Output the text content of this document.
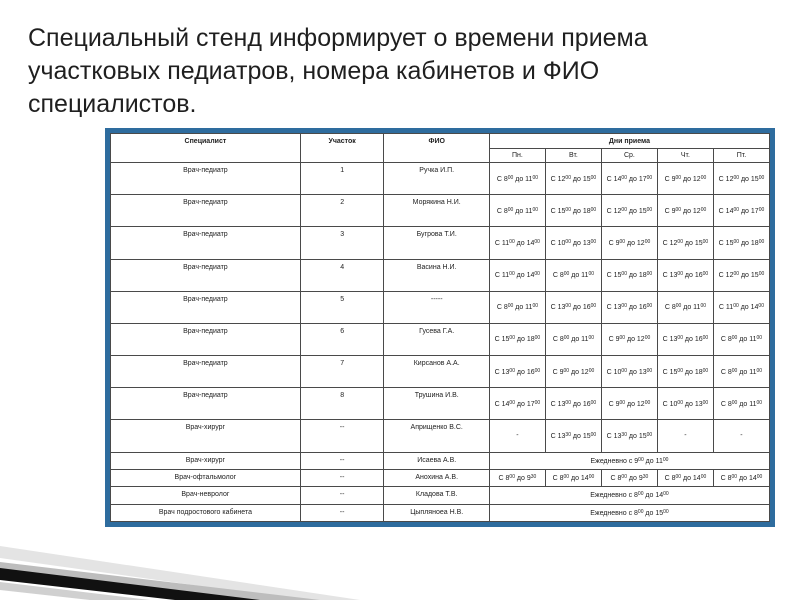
Специальный стенд информирует о времени приема участковых педиатров, номера кабинетов и ФИО специалистов.
Специалист	Участок	ФИО	Дни приема				
			Пн.	Вт.	Ср.	Чт.	Пт.
Врач-педиатр	1	Ручка И.П.	С $8^{00}$ до $11^{00}$	С $12^{00}$ до $15^{00}$	С $14^{00}$ до $17^{00}$	С $9^{00}$ до $12^{00}$	С $12^{00}$ до $15^{00}$
Врач-педиатр	2	Морякина Н.И.	С $8^{00}$ до $11^{00}$	С $15^{00}$ до $18^{00}$	С $12^{00}$ до $15^{00}$	С $9^{00}$ до $12^{00}$	С $14^{00}$ до $17^{00}$
Врач-педиатр	3	Бугрова Т.И.	С $11^{00}$ до $14^{00}$	С $10^{00}$ до $13^{00}$	С $9^{00}$ до $12^{00}$	С $12^{00}$ до $15^{00}$	С $15^{00}$ до $18^{00}$
Врач-педиатр	4	Васина Н.И.	С $11^{00}$ до $14^{00}$	С $8^{00}$ до $11^{00}$	С $15^{00}$ до $18^{00}$	С $13^{00}$ до $16^{00}$	С $12^{00}$ до $15^{00}$
Врач-педиатр	5	-----	С $8^{00}$ до $11^{00}$	С $13^{00}$ до $16^{00}$	С $13^{00}$ до $16^{00}$	С $8^{00}$ до $11^{00}$	С $11^{00}$ до $14^{00}$
Врач-педиатр	6	Гусева Г.А.	С $15^{00}$ до $18^{00}$	С $8^{00}$ до $11^{00}$	С $9^{00}$ до $12^{00}$	С $13^{00}$ до $16^{00}$	С $8^{00}$ до $11^{00}$
Врач-педиатр	7	Кирсанов А.А.	С $13^{00}$ до $16^{00}$	С $9^{00}$ до $12^{00}$	С $10^{00}$ до $13^{00}$	С $15^{00}$ до $18^{00}$	С $8^{00}$ до $11^{00}$
Врач-педиатр	8	Трушина И.В.	С $14^{00}$ до $17^{00}$	С $13^{00}$ до $16^{00}$	С $9^{00}$ до $12^{00}$	С $10^{00}$ до $13^{00}$	С $8^{00}$ до $11^{00}$
Врач-хирург	--	Априщенко В.С.	-	С $13^{30}$ до $15^{00}$	С $13^{30}$ до $15^{00}$	-	-
Врач-хирург	--	Исаева А.В.	Ежедневно с $9^{00}$ до $11^{00}$
Врач-офтальмолог	--	Анохина А.В.	С $8^{00}$ до $9^{30}$	С $8^{00}$ до $14^{00}$	С $8^{00}$ до $9^{30}$	С $8^{00}$ до $14^{00}$	С $8^{00}$ до $14^{00}$
Врач-невролог	--	Кладова Т.В.	Ежедневно с $8^{00}$ до $14^{00}$
Врач подростового кабинета	--	Цыпляноеа Н.В.	Ежедневно с $8^{00}$ до $15^{00}$
